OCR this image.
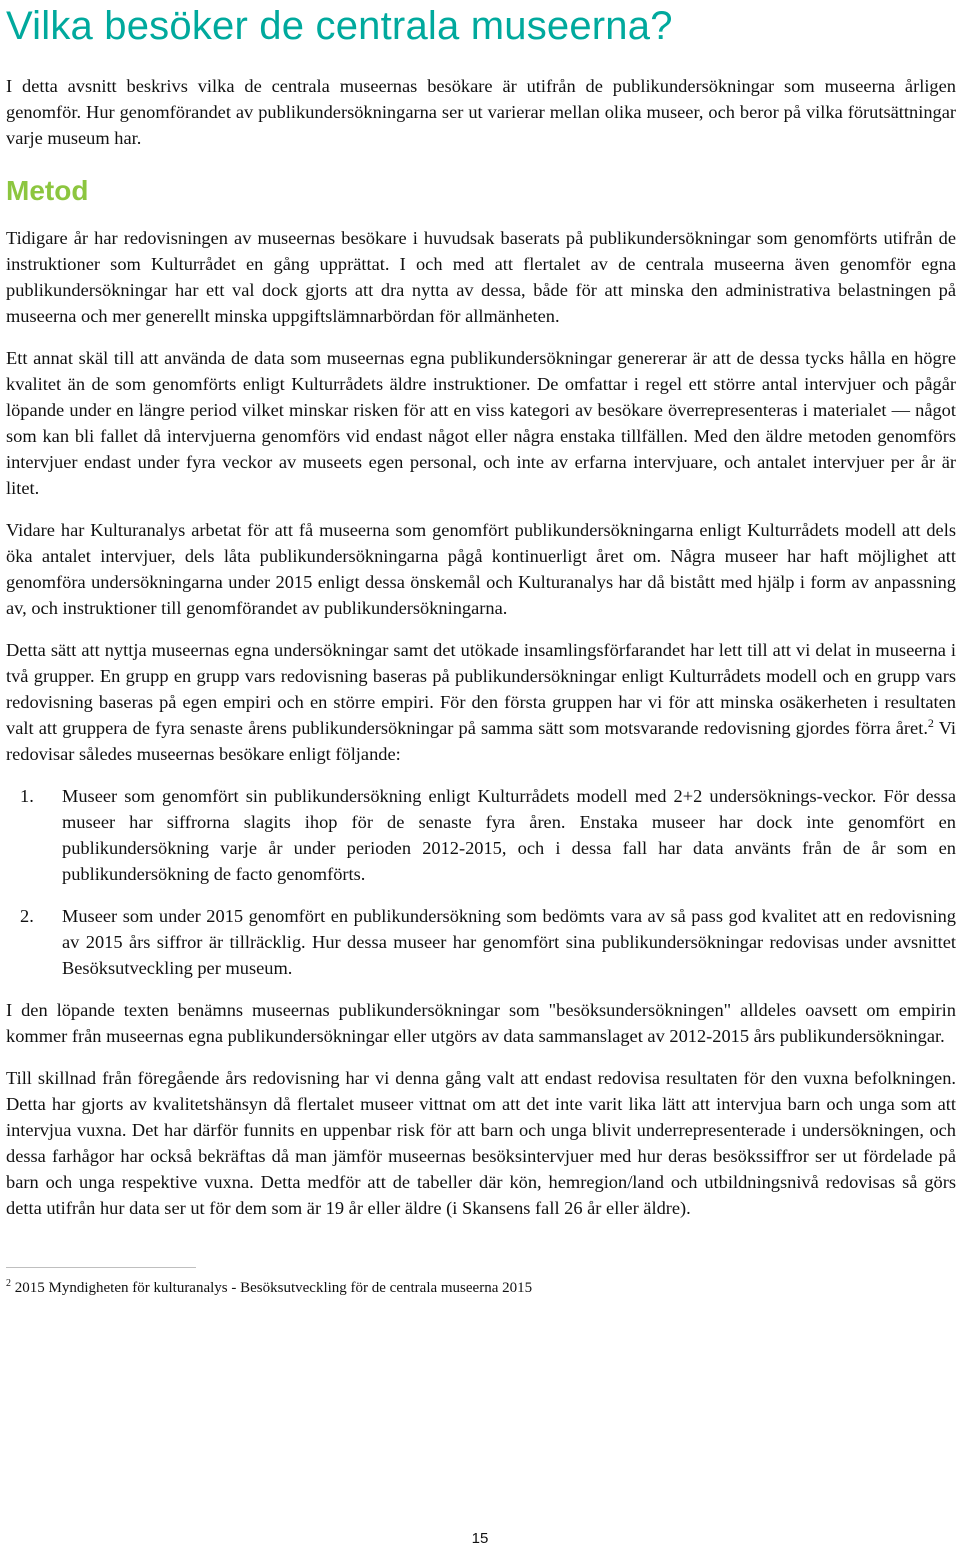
Vilka besöker de centrala museerna?

I detta avsnitt beskrivs vilka de centrala museernas besökare är utifrån de publikundersökningar som museerna årligen genomför. Hur genomförandet av publikundersökningarna ser ut varierar mellan olika museer, och beror på vilka förutsättningar varje museum har.

Metod

Tidigare år har redovisningen av museernas besökare i huvudsak baserats på publikundersökningar som genomförts utifrån de instruktioner som Kulturrådet en gång upprättat. I och med att flertalet av de centrala museerna även genomför egna publikundersökningar har ett val dock gjorts att dra nytta av dessa, både för att minska den administrativa belastningen på museerna och mer generellt minska uppgiftslämnarbördan för allmänheten.

Ett annat skäl till att använda de data som museernas egna publikundersökningar genererar är att de dessa tycks hålla en högre kvalitet än de som genomförts enligt Kulturrådets äldre instruktioner. De omfattar i regel ett större antal intervjuer och pågår löpande under en längre period vilket minskar risken för att en viss kategori av besökare överrepresenteras i materialet — något som kan bli fallet då intervjuerna genomförs vid endast något eller några enstaka tillfällen. Med den äldre metoden genomförs intervjuer endast under fyra veckor av museets egen personal, och inte av erfarna intervjuare, och antalet intervjuer per år är litet.

Vidare har Kulturanalys arbetat för att få museerna som genomfört publikundersökningarna enligt Kulturrådets modell att dels öka antalet intervjuer, dels låta publikundersökningarna pågå kontinuerligt året om. Några museer har haft möjlighet att genomföra undersökningarna under 2015 enligt dessa önskemål och Kulturanalys har då bistått med hjälp i form av anpassning av, och instruktioner till genomförandet av publikundersökningarna.

Detta sätt att nyttja museernas egna undersökningar samt det utökade insamlingsförfarandet har lett till att vi delat in museerna i två grupper. En grupp en grupp vars redovisning baseras på publikundersökningar enligt Kulturrådets modell och en grupp vars redovisning baseras på egen empiri och en större empiri. För den första gruppen har vi för att minska osäkerheten i resultaten valt att gruppera de fyra senaste årens publikundersökningar på samma sätt som motsvarande redovisning gjordes förra året.$^2$ Vi redovisar således museernas besökare enligt följande:

1. Museer som genomfört sin publikundersökning enligt Kulturrådets modell med 2+2 undersöknings-veckor. För dessa museer har siffrorna slagits ihop för de senaste fyra åren. Enstaka museer har dock inte genomfört en publikundersökning varje år under perioden 2012-2015, och i dessa fall har data använts från de år som en publikundersökning de facto genomförts.
2. Museer som under 2015 genomfört en publikundersökning som bedömts vara av så pass god kvalitet att en redovisning av 2015 års siffror är tillräcklig. Hur dessa museer har genomfört sina publikundersökningar redovisas under avsnittet Besöksutveckling per museum.

I den löpande texten benämns museernas publikundersökningar som "besöksundersökningen" alldeles oavsett om empirin kommer från museernas egna publikundersökningar eller utgörs av data sammanslaget av 2012-2015 års publikundersökningar.

Till skillnad från föregående års redovisning har vi denna gång valt att endast redovisa resultaten för den vuxna befolkningen. Detta har gjorts av kvalitetshänsyn då flertalet museer vittnat om att det inte varit lika lätt att intervjua barn och unga som att intervjua vuxna. Det har därför funnits en uppenbar risk för att barn och unga blivit underrepresenterade i undersökningen, och dessa farhågor har också bekräftas då man jämför museernas besöksintervjuer med hur deras besökssiffror ser ut fördelade på barn och unga respektive vuxna. Detta medför att de tabeller där kön, hemregion/land och utbildningsnivå redovisas så görs detta utifrån hur data ser ut för dem som är 19 år eller äldre (i Skansens fall 26 år eller äldre).

$^2$ 2015 Myndigheten för kulturanalys - Besöksutveckling för de centrala museerna 2015
15
